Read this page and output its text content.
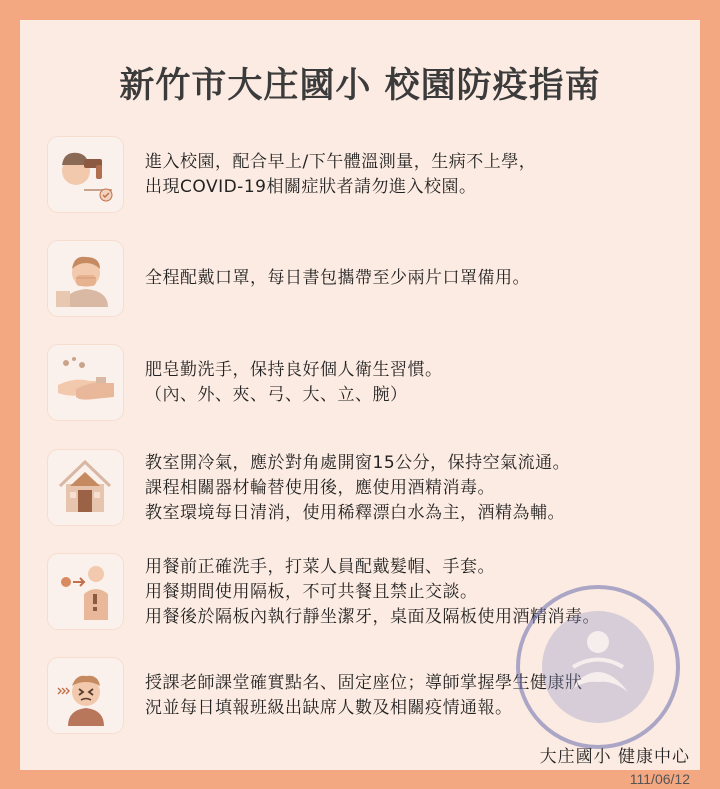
新竹市大庄國小 校園防疫指南
進入校園，配合早上/下午體溫測量，生病不上學，
出現COVID-19相關症狀者請勿進入校園。
全程配戴口罩，每日書包攜帶至少兩片口罩備用。
肥皂勤洗手，保持良好個人衛生習慣。
（內、外、夾、弓、大、立、腕）
教室開冷氣，應於對角處開窗15公分，保持空氣流通。
課程相關器材輪替使用後，應使用酒精消毒。
教室環境每日清消，使用稀釋漂白水為主，酒精為輔。
用餐前正確洗手，打菜人員配戴髮帽、手套。
用餐期間使用隔板，不可共餐且禁止交談。
用餐後於隔板內執行靜坐潔牙，桌面及隔板使用酒精消毒。
授課老師課堂確實點名、固定座位；導師掌握學生健康狀
況並每日填報班級出缺席人數及相關疫情通報。
大庄國小 健康中心
111/06/12
